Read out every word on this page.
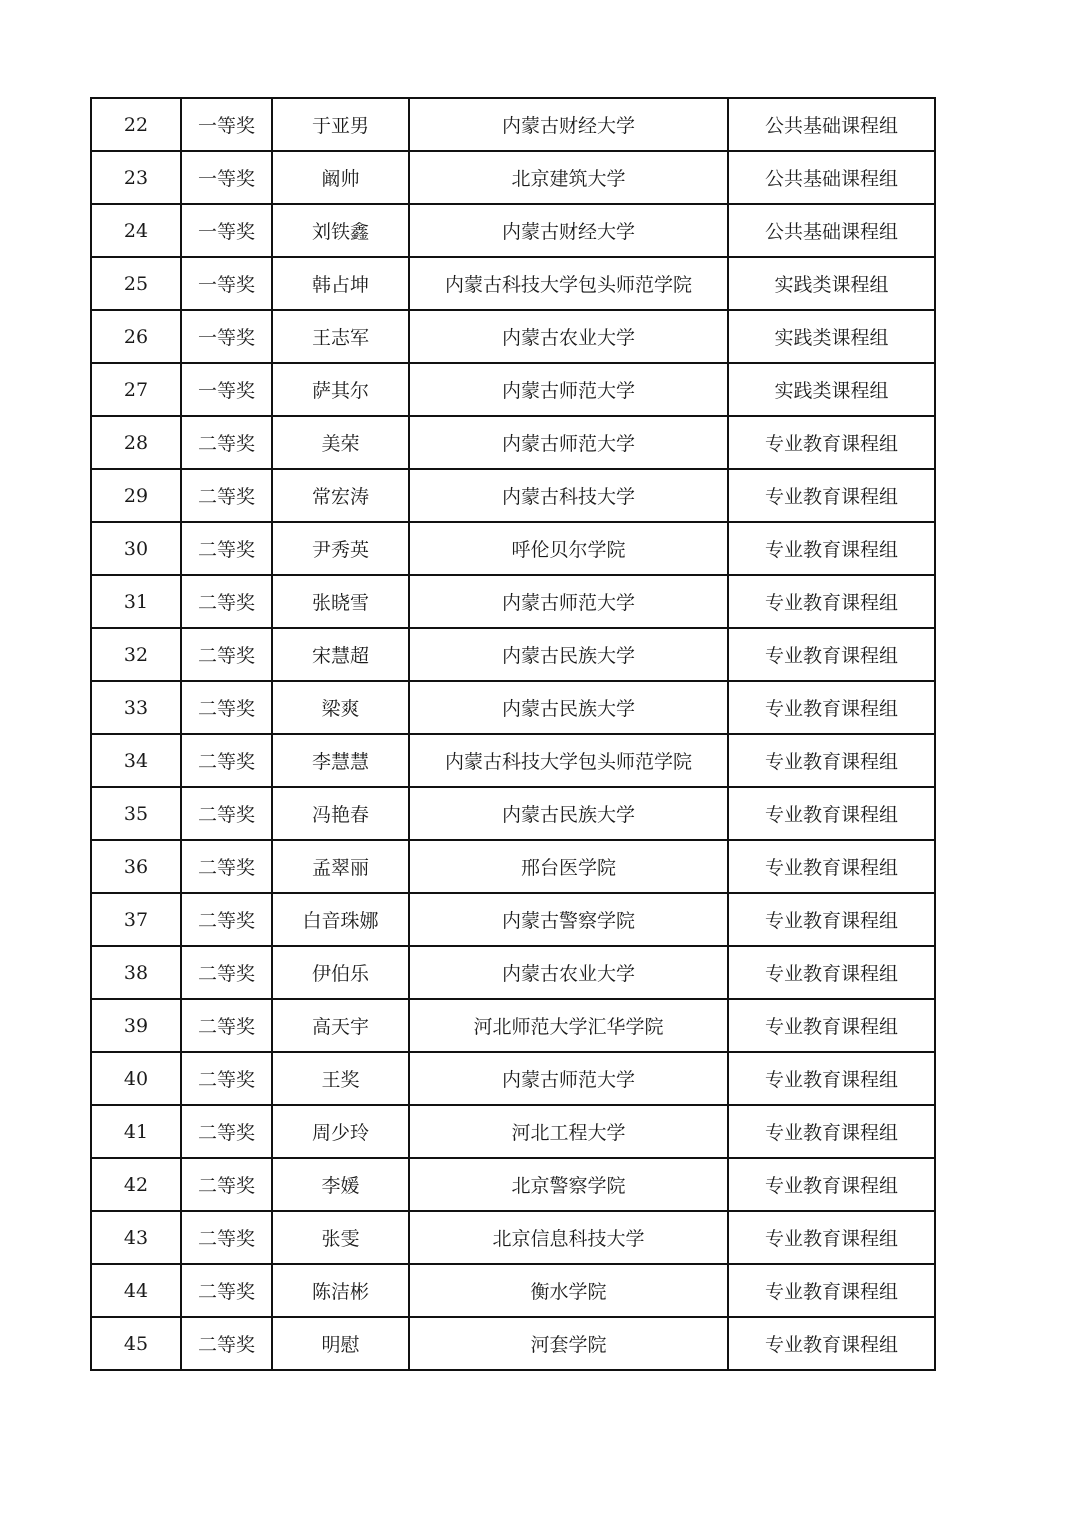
22	一等奖	于亚男	内蒙古财经大学	公共基础课程组
23	一等奖	阚帅	北京建筑大学	公共基础课程组
24	一等奖	刘铁鑫	内蒙古财经大学	公共基础课程组
25	一等奖	韩占坤	内蒙古科技大学包头师范学院	实践类课程组
26	一等奖	王志军	内蒙古农业大学	实践类课程组
27	一等奖	萨其尔	内蒙古师范大学	实践类课程组
28	二等奖	美荣	内蒙古师范大学	专业教育课程组
29	二等奖	常宏涛	内蒙古科技大学	专业教育课程组
30	二等奖	尹秀英	呼伦贝尔学院	专业教育课程组
31	二等奖	张晓雪	内蒙古师范大学	专业教育课程组
32	二等奖	宋慧超	内蒙古民族大学	专业教育课程组
33	二等奖	梁爽	内蒙古民族大学	专业教育课程组
34	二等奖	李慧慧	内蒙古科技大学包头师范学院	专业教育课程组
35	二等奖	冯艳春	内蒙古民族大学	专业教育课程组
36	二等奖	孟翠丽	邢台医学院	专业教育课程组
37	二等奖	白音珠娜	内蒙古警察学院	专业教育课程组
38	二等奖	伊伯乐	内蒙古农业大学	专业教育课程组
39	二等奖	高天宇	河北师范大学汇华学院	专业教育课程组
40	二等奖	王奖	内蒙古师范大学	专业教育课程组
41	二等奖	周少玲	河北工程大学	专业教育课程组
42	二等奖	李媛	北京警察学院	专业教育课程组
43	二等奖	张雯	北京信息科技大学	专业教育课程组
44	二等奖	陈洁彬	衡水学院	专业教育课程组
45	二等奖	明慰	河套学院	专业教育课程组
